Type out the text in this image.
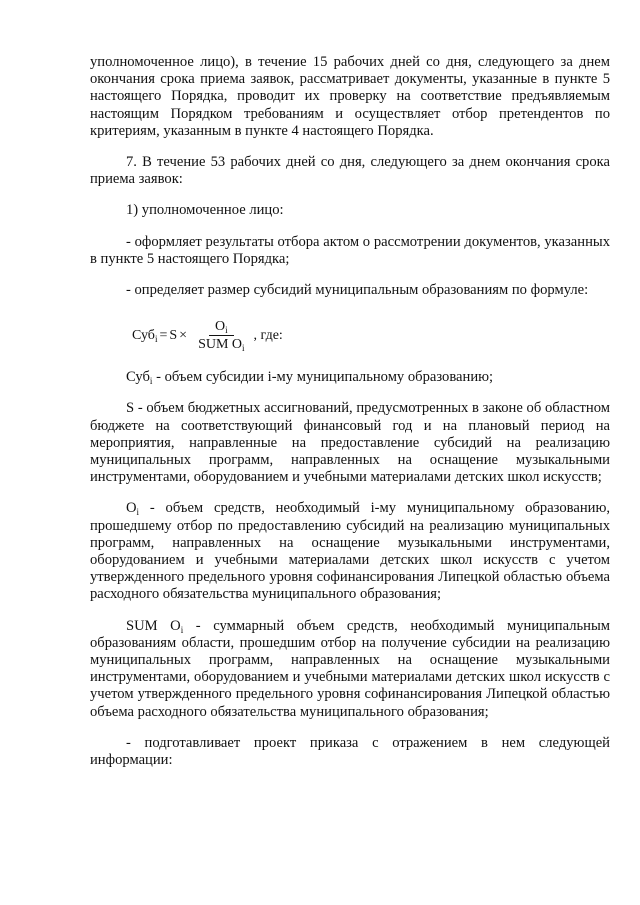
уполномоченное лицо), в течение 15 рабочих дней со дня, следующего за днем окончания срока приема заявок, рассматривает документы, указанные в пункте 5 настоящего Порядка, проводит их проверку на соответствие предъявляемым настоящим Порядком требованиям и осуществляет отбор претендентов по критериям, указанным в пункте 4 настоящего Порядка.

7. В течение 53 рабочих дней со дня, следующего за днем окончания срока приема заявок:

1) уполномоченное лицо:

- оформляет результаты отбора актом о рассмотрении документов, указанных в пункте 5 настоящего Порядка;

- определяет размер субсидий муниципальным образованиям по формуле:

$Суб_i = S \times \frac{O_i}{SUM O_i}$ , где:

Суб$_i$ - объем субсидии i-му муниципальному образованию;

S - объем бюджетных ассигнований, предусмотренных в законе об областном бюджете на соответствующий финансовый год и на плановый период на мероприятия, направленные на предоставление субсидий на реализацию муниципальных программ, направленных на оснащение музыкальными инструментами, оборудованием и учебными материалами детских школ искусств;

$O_i$ - объем средств, необходимый i-му муниципальному образованию, прошедшему отбор по предоставлению субсидий на реализацию муниципальных программ, направленных на оснащение музыкальными инструментами, оборудованием и учебными материалами детских школ искусств с учетом утвержденного предельного уровня софинансирования Липецкой областью объема расходного обязательства муниципального образования;

SUM $O_i$ - суммарный объем средств, необходимый муниципальным образованиям области, прошедшим отбор на получение субсидии на реализацию муниципальных программ, направленных на оснащение музыкальными инструментами, оборудованием и учебными материалами детских школ искусств с учетом утвержденного предельного уровня софинансирования Липецкой областью объема расходного обязательства муниципального образования;

- подготавливает проект приказа с отражением в нем следующей информации:
